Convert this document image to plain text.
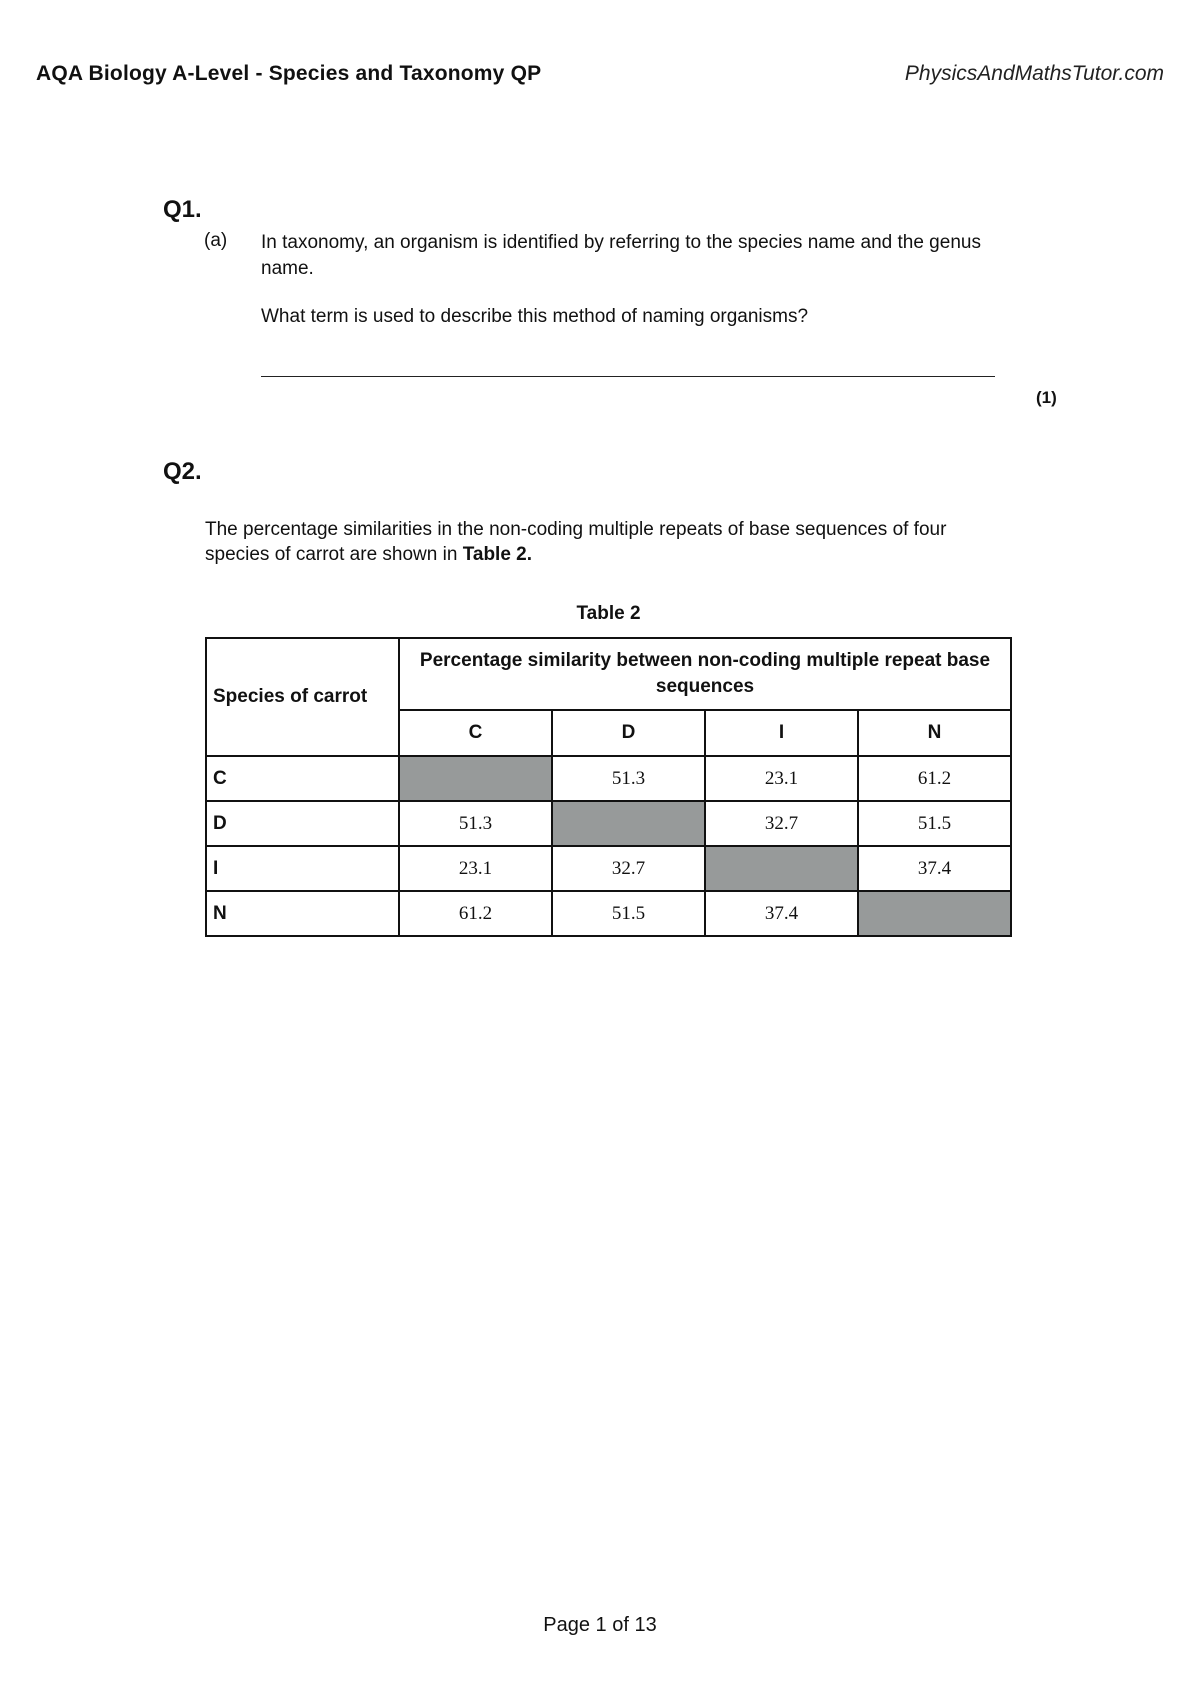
AQA Biology A-Level - Species and Taxonomy QP	PhysicsAndMathsTutor.com
Q1.
(a) In taxonomy, an organism is identified by referring to the species name and the genus name.
What term is used to describe this method of naming organisms?
(1)
Q2.
The percentage similarities in the non-coding multiple repeats of base sequences of four species of carrot are shown in Table 2.
Table 2
Species of carrot	Percentage similarity between non-coding multiple repeat base sequences			
	C	D	I	N
C		51.3	23.1	61.2
D	51.3		32.7	51.5
I	23.1	32.7		37.4
N	61.2	51.5	37.4	
Page 1 of 13
